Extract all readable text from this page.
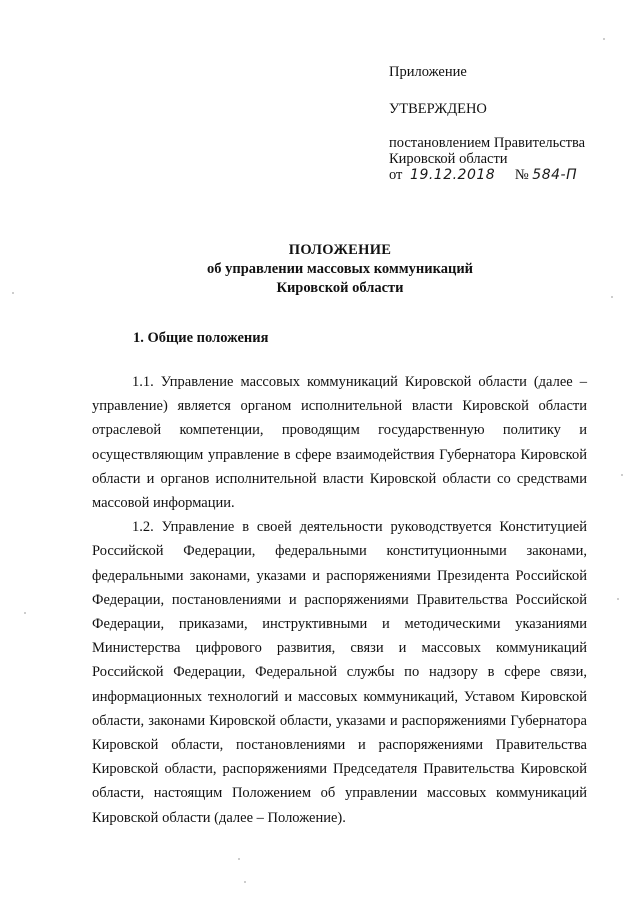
Приложение
УТВЕРЖДЕНО
постановлением Правительства
Кировской области
от 19.12.2018 № 584-П
ПОЛОЖЕНИЕ
об управлении массовых коммуникаций
Кировской области
1. Общие положения

1.1. Управление массовых коммуникаций Кировской области (далее – управление) является органом исполнительной власти Кировской области отраслевой компетенции, проводящим государственную политику и осуществляющим управление в сфере взаимодействия Губернатора Кировской области и органов исполнительной власти Кировской области со средствами массовой информации.

1.2. Управление в своей деятельности руководствуется Конституцией Российской Федерации, федеральными конституционными законами, федеральными законами, указами и распоряжениями Президента Российской Федерации, постановлениями и распоряжениями Правительства Российской Федерации, приказами, инструктивными и методическими указаниями Министерства цифрового развития, связи и массовых коммуникаций Российской Федерации, Федеральной службы по надзору в сфере связи, информационных технологий и массовых коммуникаций, Уставом Кировской области, законами Кировской области, указами и распоряжениями Губернатора Кировской области, постановлениями и распоряжениями Правительства Кировской области, распоряжениями Председателя Правительства Кировской области, настоящим Положением об управлении массовых коммуникаций Кировской области (далее – Положение).
